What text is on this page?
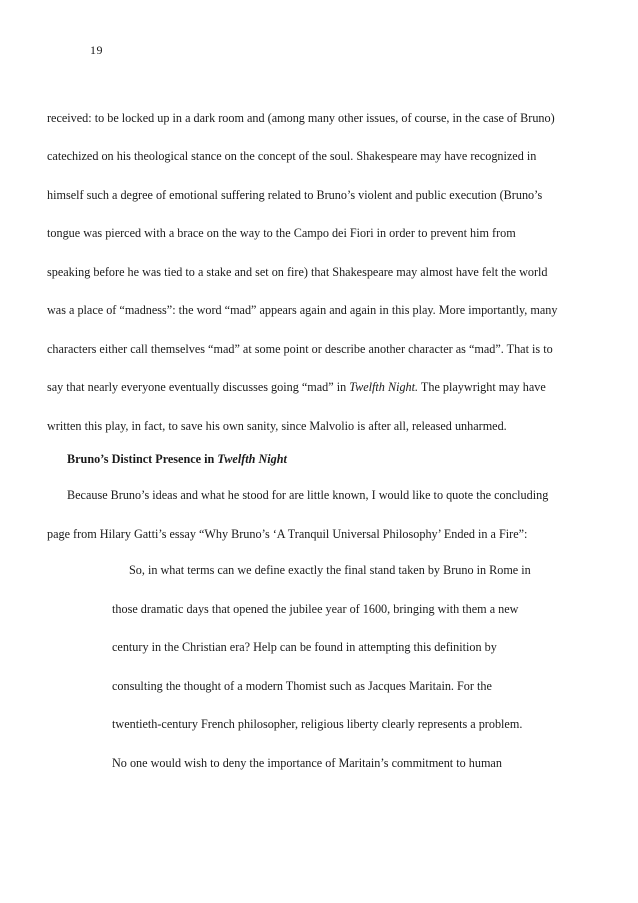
19
received: to be locked up in a dark room and (among many other issues, of course, in the case of Bruno)
catechized on his theological stance on the concept of the soul. Shakespeare may have recognized in
himself such a degree of emotional suffering related to Bruno’s violent and public execution (Bruno’s
tongue was pierced with a brace on the way to the Campo dei Fiori in order to prevent him from
speaking before he was tied to a stake and set on fire) that Shakespeare may almost have felt the world
was a place of “madness”: the word “mad” appears again and again in this play. More importantly, many
characters either call themselves “mad” at some point or describe another character as “mad”. That is to
say that nearly everyone eventually discusses going “mad” in Twelfth Night. The playwright may have
written this play, in fact, to save his own sanity, since Malvolio is after all, released unharmed.
Bruno’s Distinct Presence in Twelfth Night
Because Bruno’s ideas and what he stood for are little known, I would like to quote the concluding
page from Hilary Gatti’s essay “Why Bruno’s ‘A Tranquil Universal Philosophy’ Ended in a Fire”:
So, in what terms can we define exactly the final stand taken by Bruno in Rome in
those dramatic days that opened the jubilee year of 1600, bringing with them a new
century in the Christian era? Help can be found in attempting this definition by
consulting the thought of a modern Thomist such as Jacques Maritain. For the
twentieth-century French philosopher, religious liberty clearly represents a problem.
No one would wish to deny the importance of Maritain’s commitment to human
